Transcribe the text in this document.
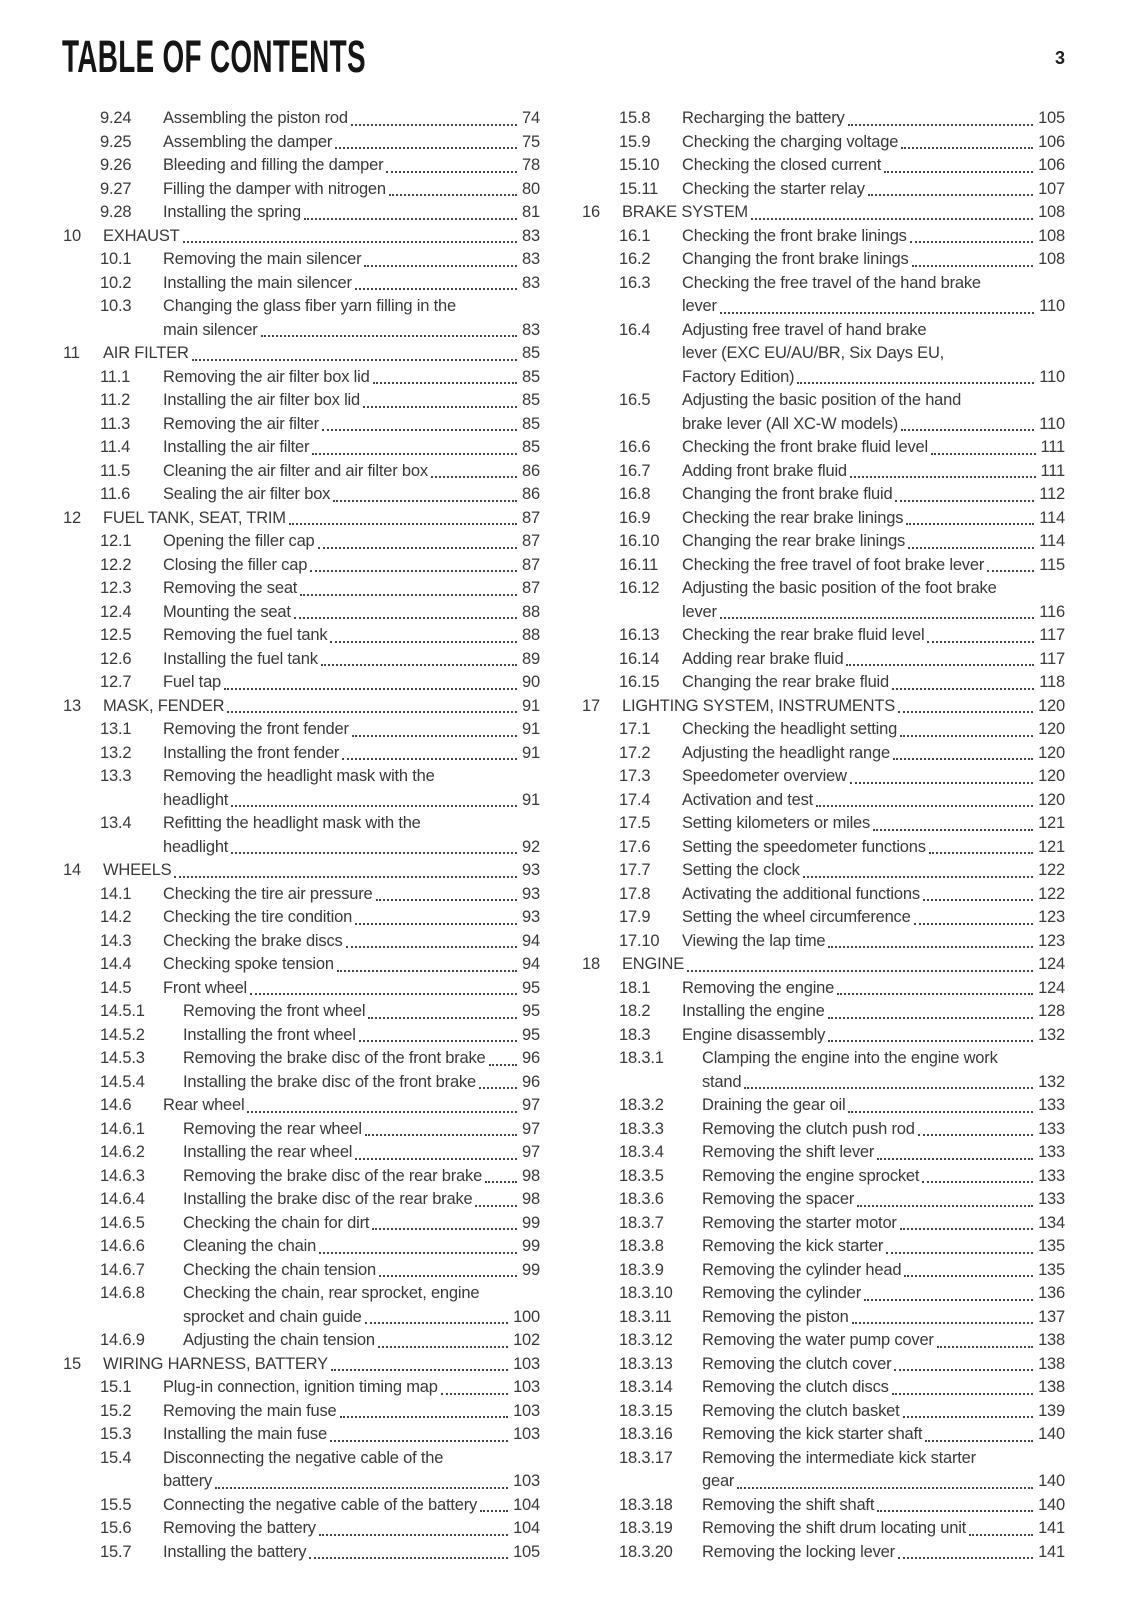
TABLE OF CONTENTS	3
9.24	Assembling the piston rod	74
9.25	Assembling the damper	75
9.26	Bleeding and filling the damper	78
9.27	Filling the damper with nitrogen	80
9.28	Installing the spring	81
10	EXHAUST	83
10.1	Removing the main silencer	83
10.2	Installing the main silencer	83
10.3	Changing the glass fiber yarn filling in the
main silencer	83
11	AIR FILTER	85
11.1	Removing the air filter box lid	85
11.2	Installing the air filter box lid	85
11.3	Removing the air filter	85
11.4	Installing the air filter	85
11.5	Cleaning the air filter and air filter box	86
11.6	Sealing the air filter box	86
12	FUEL TANK, SEAT, TRIM	87
12.1	Opening the filler cap	87
12.2	Closing the filler cap	87
12.3	Removing the seat	87
12.4	Mounting the seat	88
12.5	Removing the fuel tank	88
12.6	Installing the fuel tank	89
12.7	Fuel tap	90
13	MASK, FENDER	91
13.1	Removing the front fender	91
13.2	Installing the front fender	91
13.3	Removing the headlight mask with the
headlight	91
13.4	Refitting the headlight mask with the
headlight	92
14	WHEELS	93
14.1	Checking the tire air pressure	93
14.2	Checking the tire condition	93
14.3	Checking the brake discs	94
14.4	Checking spoke tension	94
14.5	Front wheel	95
14.5.1	Removing the front wheel	95
14.5.2	Installing the front wheel	95
14.5.3	Removing the brake disc of the front brake 96
14.5.4	Installing the brake disc of the front brake	96
14.6	Rear wheel	97
14.6.1	Removing the rear wheel	97
14.6.2	Installing the rear wheel	97
14.6.3	Removing the brake disc of the rear brake 98
14.6.4	Installing the brake disc of the rear brake	98
14.6.5	Checking the chain for dirt	99
14.6.6	Cleaning the chain	99
14.6.7	Checking the chain tension	99
14.6.8	Checking the chain, rear sprocket, engine
sprocket and chain guide	100
14.6.9	Adjusting the chain tension	102
15	WIRING HARNESS, BATTERY	103
15.1	Plug-in connection, ignition timing map	103
15.2	Removing the main fuse	103
15.3	Installing the main fuse	103
15.4	Disconnecting the negative cable of the
battery	103
15.5	Connecting the negative cable of the battery 104
15.6	Removing the battery	104
15.7	Installing the battery	105
15.8	Recharging the battery	105
15.9	Checking the charging voltage	106
15.10	Checking the closed current	106
15.11	Checking the starter relay	107
16	BRAKE SYSTEM	108
16.1	Checking the front brake linings	108
16.2	Changing the front brake linings	108
16.3	Checking the free travel of the hand brake
lever	110
16.4	Adjusting free travel of hand brake
lever (EXC EU/AU/BR, Six Days EU,
Factory Edition)	110
16.5	Adjusting the basic position of the hand
brake lever (All XC-W models)	110
16.6	Checking the front brake fluid level	111
16.7	Adding front brake fluid	111
16.8	Changing the front brake fluid	112
16.9	Checking the rear brake linings	114
16.10	Changing the rear brake linings	114
16.11	Checking the free travel of foot brake lever	115
16.12	Adjusting the basic position of the foot brake
lever	116
16.13	Checking the rear brake fluid level	117
16.14	Adding rear brake fluid	117
16.15	Changing the rear brake fluid	118
17	LIGHTING SYSTEM, INSTRUMENTS	120
17.1	Checking the headlight setting	120
17.2	Adjusting the headlight range	120
17.3	Speedometer overview	120
17.4	Activation and test	120
17.5	Setting kilometers or miles	121
17.6	Setting the speedometer functions	121
17.7	Setting the clock	122
17.8	Activating the additional functions	122
17.9	Setting the wheel circumference	123
17.10	Viewing the lap time	123
18	ENGINE	124
18.1	Removing the engine	124
18.2	Installing the engine	128
18.3	Engine disassembly	132
18.3.1	Clamping the engine into the engine work
stand	132
18.3.2	Draining the gear oil	133
18.3.3	Removing the clutch push rod	133
18.3.4	Removing the shift lever	133
18.3.5	Removing the engine sprocket	133
18.3.6	Removing the spacer	133
18.3.7	Removing the starter motor	134
18.3.8	Removing the kick starter	135
18.3.9	Removing the cylinder head	135
18.3.10	Removing the cylinder	136
18.3.11	Removing the piston	137
18.3.12	Removing the water pump cover	138
18.3.13	Removing the clutch cover	138
18.3.14	Removing the clutch discs	138
18.3.15	Removing the clutch basket	139
18.3.16	Removing the kick starter shaft	140
18.3.17	Removing the intermediate kick starter
gear	140
18.3.18	Removing the shift shaft	140
18.3.19	Removing the shift drum locating unit	141
18.3.20	Removing the locking lever	141
